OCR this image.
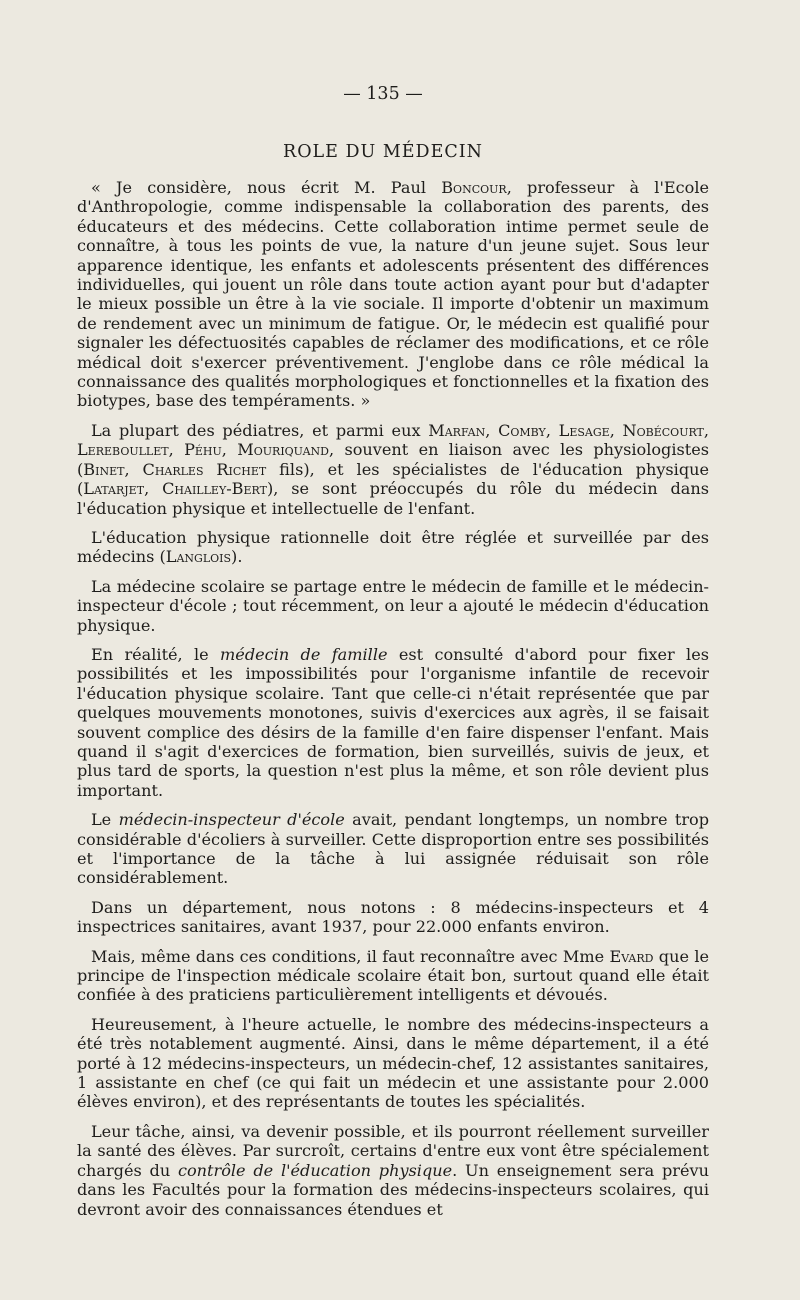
— 135 —
ROLE DU MÉDECIN

« Je considère, nous écrit M. Paul Boncour, professeur à l'Ecole d'Anthropologie, comme indispensable la collaboration des parents, des éducateurs et des médecins. Cette collaboration intime permet seule de connaître, à tous les points de vue, la nature d'un jeune sujet. Sous leur apparence identique, les enfants et adolescents présentent des différences individuelles, qui jouent un rôle dans toute action ayant pour but d'adapter le mieux possible un être à la vie sociale. Il importe d'obtenir un maximum de rendement avec un minimum de fatigue. Or, le médecin est qualifié pour signaler les défectuosités capables de réclamer des modifications, et ce rôle médical doit s'exercer préventivement. J'englobe dans ce rôle médical la connaissance des qualités morphologiques et fonctionnelles et la fixation des biotypes, base des tempéraments. »

La plupart des pédiatres, et parmi eux Marfan, Comby, Lesage, Nobécourt, Lereboullet, Péhu, Mouriquand, souvent en liaison avec les physiologistes (Binet, Charles Richet fils), et les spécialistes de l'éducation physique (Latarjet, Chailley-Bert), se sont préoccupés du rôle du médecin dans l'éducation physique et intellectuelle de l'enfant.

L'éducation physique rationnelle doit être réglée et surveillée par des médecins (Langlois).

La médecine scolaire se partage entre le médecin de famille et le médecin-inspecteur d'école ; tout récemment, on leur a ajouté le médecin d'éducation physique.

En réalité, le médecin de famille est consulté d'abord pour fixer les possibilités et les impossibilités pour l'organisme infantile de recevoir l'éducation physique scolaire. Tant que celle-ci n'était représentée que par quelques mouvements monotones, suivis d'exercices aux agrès, il se faisait souvent complice des désirs de la famille d'en faire dispenser l'enfant. Mais quand il s'agit d'exercices de formation, bien surveillés, suivis de jeux, et plus tard de sports, la question n'est plus la même, et son rôle devient plus important.

Le médecin-inspecteur d'école avait, pendant longtemps, un nombre trop considérable d'écoliers à surveiller. Cette disproportion entre ses possibilités et l'importance de la tâche à lui assignée réduisait son rôle considérablement.

Dans un département, nous notons : 8 médecins-inspecteurs et 4 inspectrices sanitaires, avant 1937, pour 22.000 enfants environ.

Mais, même dans ces conditions, il faut reconnaître avec Mme Evard que le principe de l'inspection médicale scolaire était bon, surtout quand elle était confiée à des praticiens particulièrement intelligents et dévoués.

Heureusement, à l'heure actuelle, le nombre des médecins-inspecteurs a été très notablement augmenté. Ainsi, dans le même département, il a été porté à 12 médecins-inspecteurs, un médecin-chef, 12 assistantes sanitaires, 1 assistante en chef (ce qui fait un médecin et une assistante pour 2.000 élèves environ), et des représentants de toutes les spécialités.

Leur tâche, ainsi, va devenir possible, et ils pourront réellement surveiller la santé des élèves. Par surcroît, certains d'entre eux vont être spécialement chargés du contrôle de l'éducation physique. Un enseignement sera prévu dans les Facultés pour la formation des médecins-inspecteurs scolaires, qui devront avoir des connaissances étendues et
